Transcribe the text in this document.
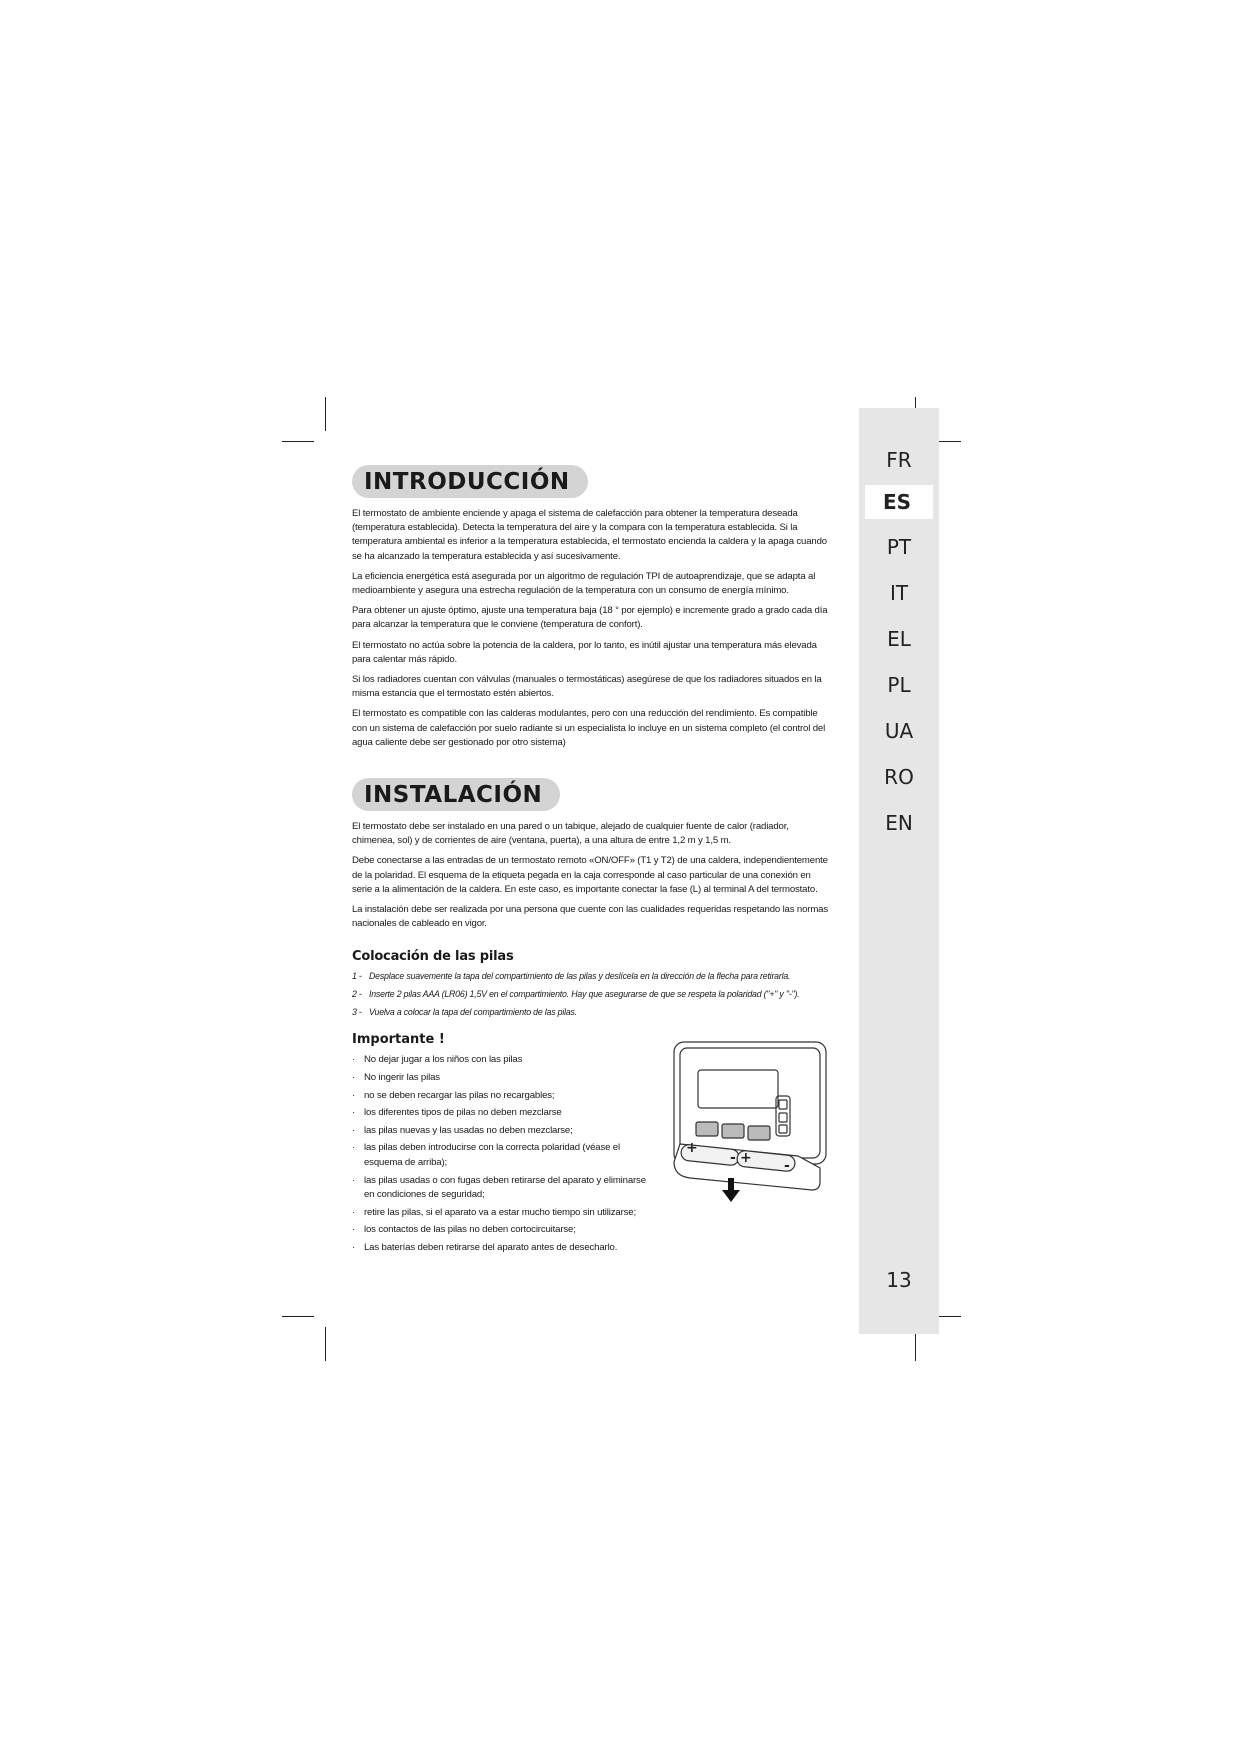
INTRODUCCIÓN

El termostato de ambiente enciende y apaga el sistema de calefacción para obtener la temperatura deseada (temperatura establecida). Detecta la temperatura del aire y la compara con la temperatura establecida. Si la temperatura ambiental es inferior a la temperatura establecida, el termostato encienda la caldera y la apaga cuando se ha alcanzado la temperatura establecida y así sucesivamente.

La eficiencia energética está asegurada por un algoritmo de regulación TPI de autoaprendizaje, que se adapta al medioambiente y asegura una estrecha regulación de la temperatura con un consumo de energía mínimo.

Para obtener un ajuste óptimo, ajuste una temperatura baja (18 ° por ejemplo) e incremente grado a grado cada día para alcanzar la temperatura que le conviene (temperatura de confort).

El termostato no actúa sobre la potencia de la caldera, por lo tanto, es inútil ajustar una temperatura más elevada para calentar más rápido.

Si los radiadores cuentan con válvulas (manuales o termostáticas) asegúrese de que los radiadores situados en la misma estancia que el termostato estén abiertos.

El termostato es compatible con las calderas modulantes, pero con una reducción del rendimiento. Es compatible con un sistema de calefacción por suelo radiante si un especialista lo incluye en un sistema completo (el control del agua caliente debe ser gestionado por otro sistema)

INSTALACIÓN

El termostato debe ser instalado en una pared o un tabique, alejado de cualquier fuente de calor (radiador, chimenea, sol) y de corrientes de aire (ventana, puerta), a una altura de entre 1,2 m y 1,5 m.

Debe conectarse a las entradas de un termostato remoto «ON/OFF» (T1 y T2) de una caldera, independientemente de la polaridad. El esquema de la etiqueta pegada en la caja corresponde al caso particular de una conexión en serie a la alimentación de la caldera. En este caso, es importante conectar la fase (L) al terminal A del termostato.

La instalación debe ser realizada por una persona que cuente con las cualidades requeridas respetando las normas nacionales de cableado en vigor.

Colocación de las pilas
1 - Desplace suavemente la tapa del compartimiento de las pilas y deslícela en la dirección de la flecha para retirarla.
2 - Inserte 2 pilas AAA (LR06) 1,5V en el compartimiento. Hay que asegurarse de que se respeta la polaridad ("+" y "-").
3 - Vuelva a colocar la tapa del compartimiento de las pilas.
Importante !
· No dejar jugar a los niños con las pilas
· No ingerir las pilas
· no se deben recargar las pilas no recargables;
· los diferentes tipos de pilas no deben mezclarse
· las pilas nuevas y las usadas no deben mezclarse;
· las pilas deben introducirse con la correcta polaridad (véase el esquema de arriba);
· las pilas usadas o con fugas deben retirarse del aparato y eliminarse en condiciones de seguridad;
· retire las pilas, si el aparato va a estar mucho tiempo sin utilizarse;
· los contactos de las pilas no deben cortocircuitarse;
· Las baterías deben retirarse del aparato antes de desecharlo.
+
- + -
FR
ES
PT
IT
EL
PL
UA
RO
EN
13
